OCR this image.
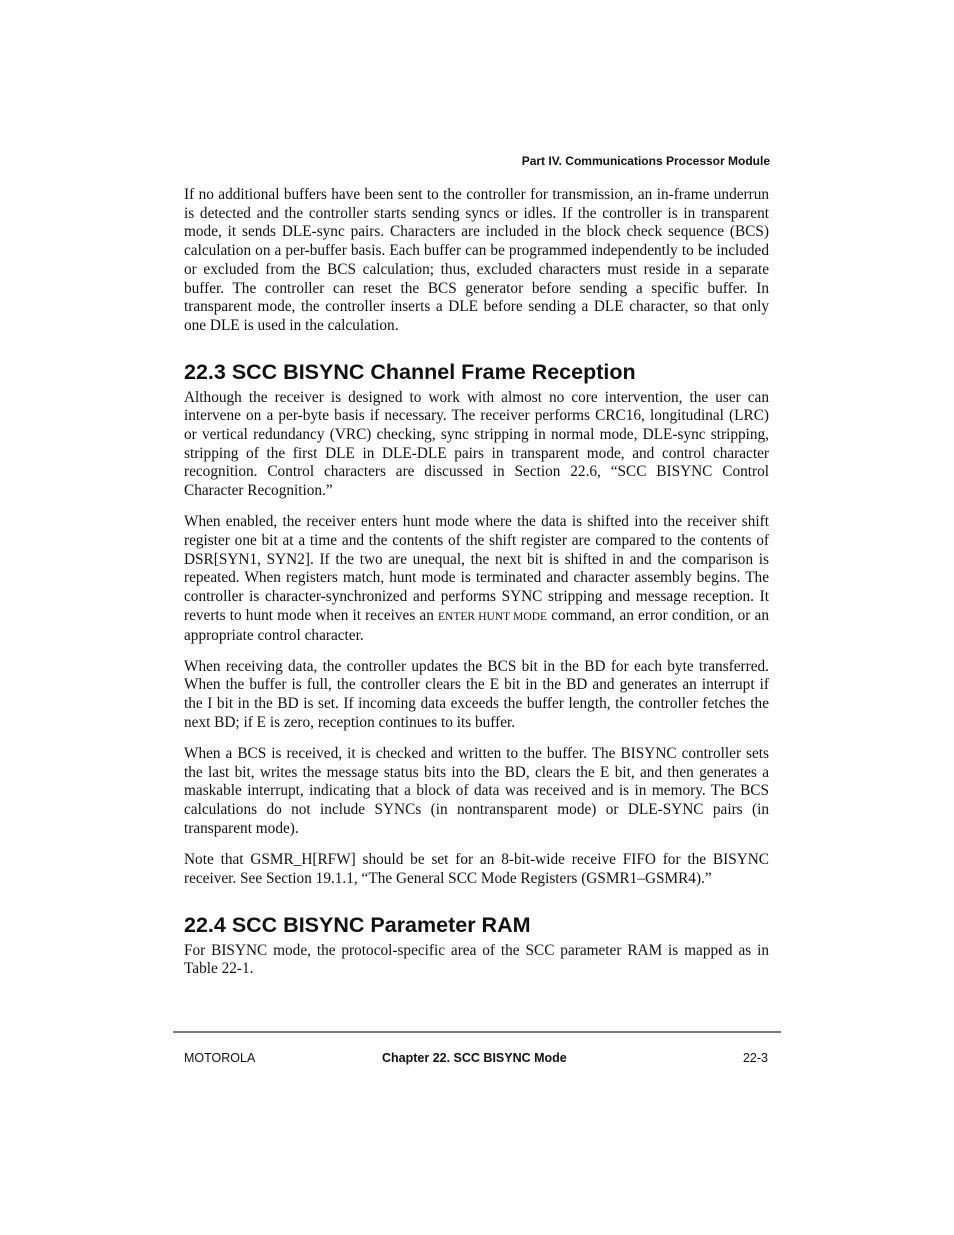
Part IV. Communications Processor Module

If no additional buffers have been sent to the controller for transmission, an in-frame underrun is detected and the controller starts sending syncs or idles. If the controller is in transparent mode, it sends DLE-sync pairs. Characters are included in the block check sequence (BCS) calculation on a per-buffer basis. Each buffer can be programmed independently to be included or excluded from the BCS calculation; thus, excluded characters must reside in a separate buffer. The controller can reset the BCS generator before sending a specific buffer. In transparent mode, the controller inserts a DLE before sending a DLE character, so that only one DLE is used in the calculation.

22.3 SCC BISYNC Channel Frame Reception

Although the receiver is designed to work with almost no core intervention, the user can intervene on a per-byte basis if necessary. The receiver performs CRC16, longitudinal (LRC) or vertical redundancy (VRC) checking, sync stripping in normal mode, DLE-sync stripping, stripping of the first DLE in DLE-DLE pairs in transparent mode, and control character recognition. Control characters are discussed in Section 22.6, “SCC BISYNC Control Character Recognition.”

When enabled, the receiver enters hunt mode where the data is shifted into the receiver shift register one bit at a time and the contents of the shift register are compared to the contents of DSR[SYN1, SYN2]. If the two are unequal, the next bit is shifted in and the comparison is repeated. When registers match, hunt mode is terminated and character assembly begins. The controller is character-synchronized and performs SYNC stripping and message reception. It reverts to hunt mode when it receives an ENTER HUNT MODE command, an error condition, or an appropriate control character.

When receiving data, the controller updates the BCS bit in the BD for each byte transferred. When the buffer is full, the controller clears the E bit in the BD and generates an interrupt if the I bit in the BD is set. If incoming data exceeds the buffer length, the controller fetches the next BD; if E is zero, reception continues to its buffer.

When a BCS is received, it is checked and written to the buffer. The BISYNC controller sets the last bit, writes the message status bits into the BD, clears the E bit, and then generates a maskable interrupt, indicating that a block of data was received and is in memory. The BCS calculations do not include SYNCs (in nontransparent mode) or DLE-SYNC pairs (in transparent mode).

Note that GSMR_H[RFW] should be set for an 8-bit-wide receive FIFO for the BISYNC receiver. See Section 19.1.1, “The General SCC Mode Registers (GSMR1–GSMR4).”

22.4 SCC BISYNC Parameter RAM

For BISYNC mode, the protocol-specific area of the SCC parameter RAM is mapped as in Table 22-1.

MOTOROLA	Chapter 22. SCC BISYNC Mode	22-3
